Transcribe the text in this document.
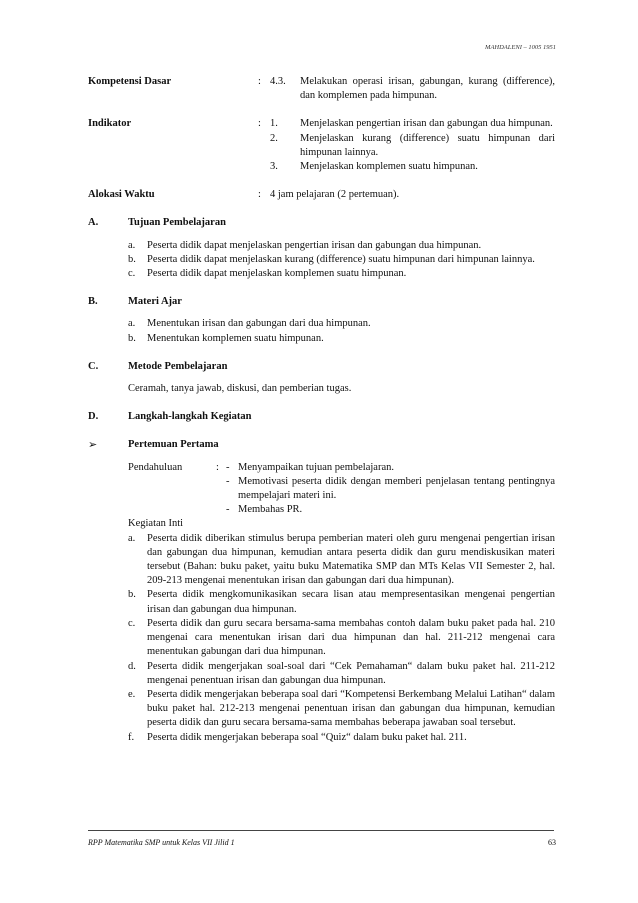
MAHDALENI – 1005 1951
Kompetensi Dasar	: 4.3.	Melakukan operasi irisan, gabungan, kurang (difference), dan komplemen pada himpunan.
Indikator	: 1.	Menjelaskan pengertian irisan dan gabungan dua himpunan.
2.	Menjelaskan kurang (difference) suatu himpunan dari himpunan lainnya.
3.	Menjelaskan komplemen suatu himpunan.
Alokasi Waktu	: 4 jam pelajaran (2 pertemuan).
A.	Tujuan Pembelajaran
a.	Peserta didik dapat menjelaskan pengertian irisan dan gabungan dua himpunan.
b.	Peserta didik dapat menjelaskan kurang (difference) suatu himpunan dari himpunan lainnya.
c.	Peserta didik dapat menjelaskan komplemen suatu himpunan.
B.	Materi Ajar
a.	Menentukan irisan dan gabungan dari dua himpunan.
b.	Menentukan komplemen suatu himpunan.
C.	Metode Pembelajaran
Ceramah, tanya jawab, diskusi, dan pemberian tugas.
D.	Langkah-langkah Kegiatan
➢	Pertemuan Pertama
Pendahuluan	: - Menyampaikan tujuan pembelajaran.
- Memotivasi peserta didik dengan memberi penjelasan tentang pentingnya mempelajari materi ini.
- Membahas PR.
Kegiatan Inti
a.	Peserta didik diberikan stimulus berupa pemberian materi oleh guru mengenai pengertian irisan dan gabungan dua himpunan, kemudian antara peserta didik dan guru mendiskusikan materi tersebut (Bahan: buku paket, yaitu buku Matematika SMP dan MTs Kelas VII Semester 2, hal. 209-213 mengenai menentukan irisan dan gabungan dari dua himpunan).
b.	Peserta didik mengkomunikasikan secara lisan atau mempresentasikan mengenai pengertian irisan dan gabungan dua himpunan.
c.	Peserta didik dan guru secara bersama-sama membahas contoh dalam buku paket pada hal. 210 mengenai cara menentukan irisan dari dua himpunan dan hal. 211-212 mengenai cara menentukan gabungan dari dua himpunan.
d.	Peserta didik mengerjakan soal-soal dari “Cek Pemahaman“ dalam buku paket hal. 211-212 mengenai penentuan irisan dan gabungan dua himpunan.
e.	Peserta didik mengerjakan beberapa soal dari “Kompetensi Berkembang Melalui Latihan“ dalam buku paket hal. 212-213 mengenai penentuan irisan dan gabungan dua himpunan, kemudian peserta didik dan guru secara bersama-sama membahas beberapa jawaban soal tersebut.
f.	Peserta didik mengerjakan beberapa soal “Quiz“ dalam buku paket hal. 211.
RPP Matematika SMP untuk Kelas VII Jilid 1	63
